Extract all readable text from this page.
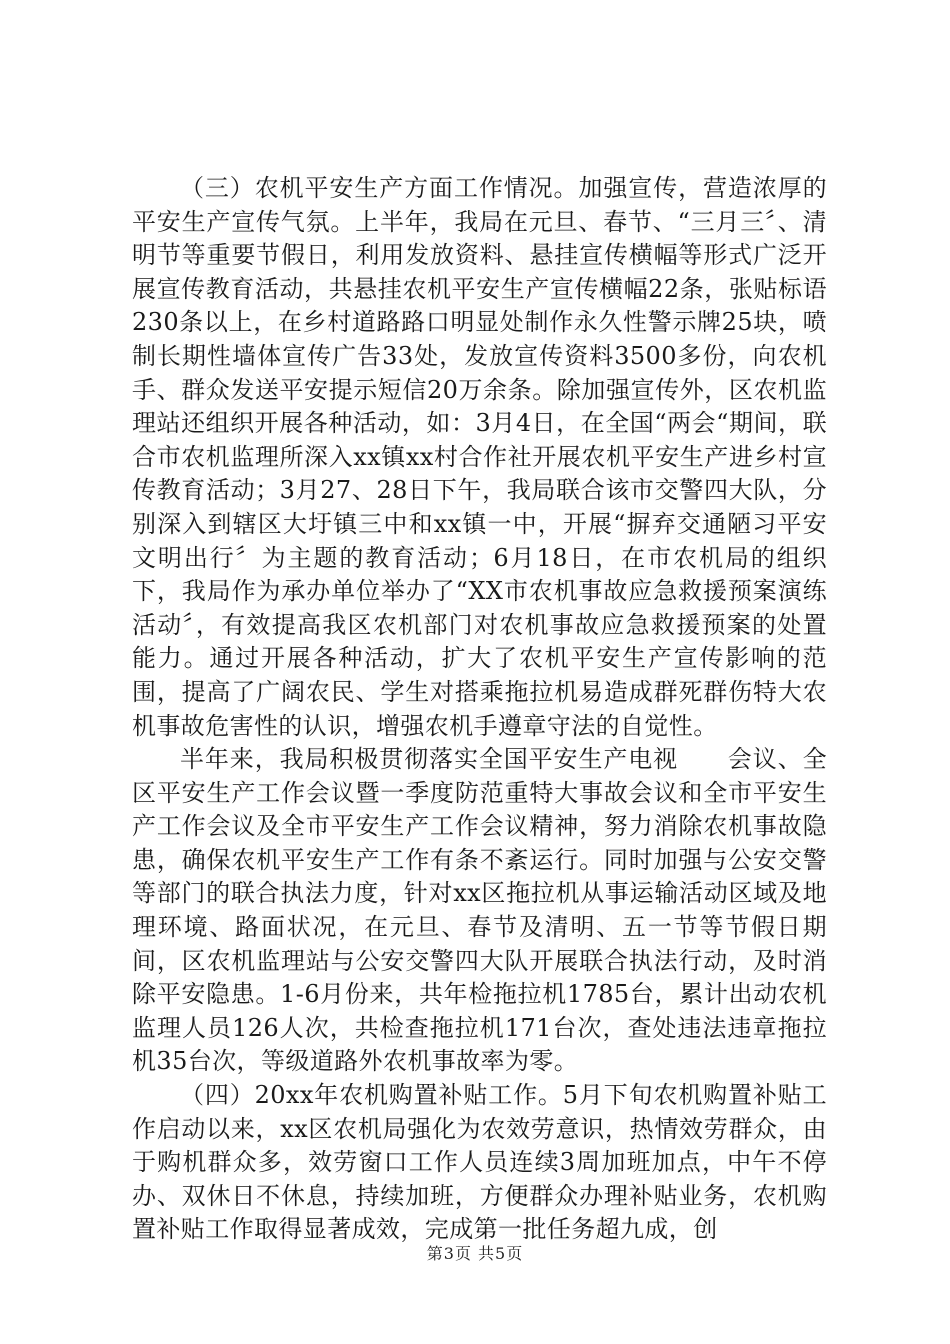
（三）农机平安生产方面工作情况。加强宣传，营造浓厚的平安生产宣传气氛。上半年，我局在元旦、春节、“三月三〞、清明节等重要节假日，利用发放资料、悬挂宣传横幅等形式广泛开展宣传教育活动，共悬挂农机平安生产宣传横幅22条，张贴标语230条以上，在乡村道路路口明显处制作永久性警示牌25块，喷制长期性墙体宣传广告33处，发放宣传资料3500多份，向农机手、群众发送平安提示短信20万余条。除加强宣传外，区农机监理站还组织开展各种活动，如：3月4日，在全国“两会“期间，联合市农机监理所深入xx镇xx村合作社开展农机平安生产进乡村宣传教育活动；3月27、28日下午，我局联合该市交警四大队，分别深入到辖区大圩镇三中和xx镇一中，开展“摒弃交通陋习平安文明出行〞为主题的教育活动；6月18日，在市农机局的组织下，我局作为承办单位举办了“XX市农机事故应急救援预案演练活动〞，有效提高我区农机部门对农机事故应急救援预案的处置能力。通过开展各种活动，扩大了农机平安生产宣传影响的范围，提高了广阔农民、学生对搭乘拖拉机易造成群死群伤特大农机事故危害性的认识，增强农机手遵章守法的自觉性。

半年来，我局积极贯彻落实全国平安生产电视　　会议、全区平安生产工作会议暨一季度防范重特大事故会议和全市平安生产工作会议及全市平安生产工作会议精神，努力消除农机事故隐患，确保农机平安生产工作有条不紊运行。同时加强与公安交警等部门的联合执法力度，针对xx区拖拉机从事运输活动区域及地理环境、路面状况，在元旦、春节及清明、五一节等节假日期间，区农机监理站与公安交警四大队开展联合执法行动，及时消除平安隐患。1-6月份来，共年检拖拉机1785台，累计出动农机监理人员126人次，共检查拖拉机171台次，查处违法违章拖拉机35台次，等级道路外农机事故率为零。

（四）20xx年农机购置补贴工作。5月下旬农机购置补贴工作启动以来，xx区农机局强化为农效劳意识，热情效劳群众，由于购机群众多，效劳窗口工作人员连续3周加班加点，中午不停办、双休日不休息，持续加班，方便群众办理补贴业务，农机购置补贴工作取得显著成效，完成第一批任务超九成，创

第3页 共5页
